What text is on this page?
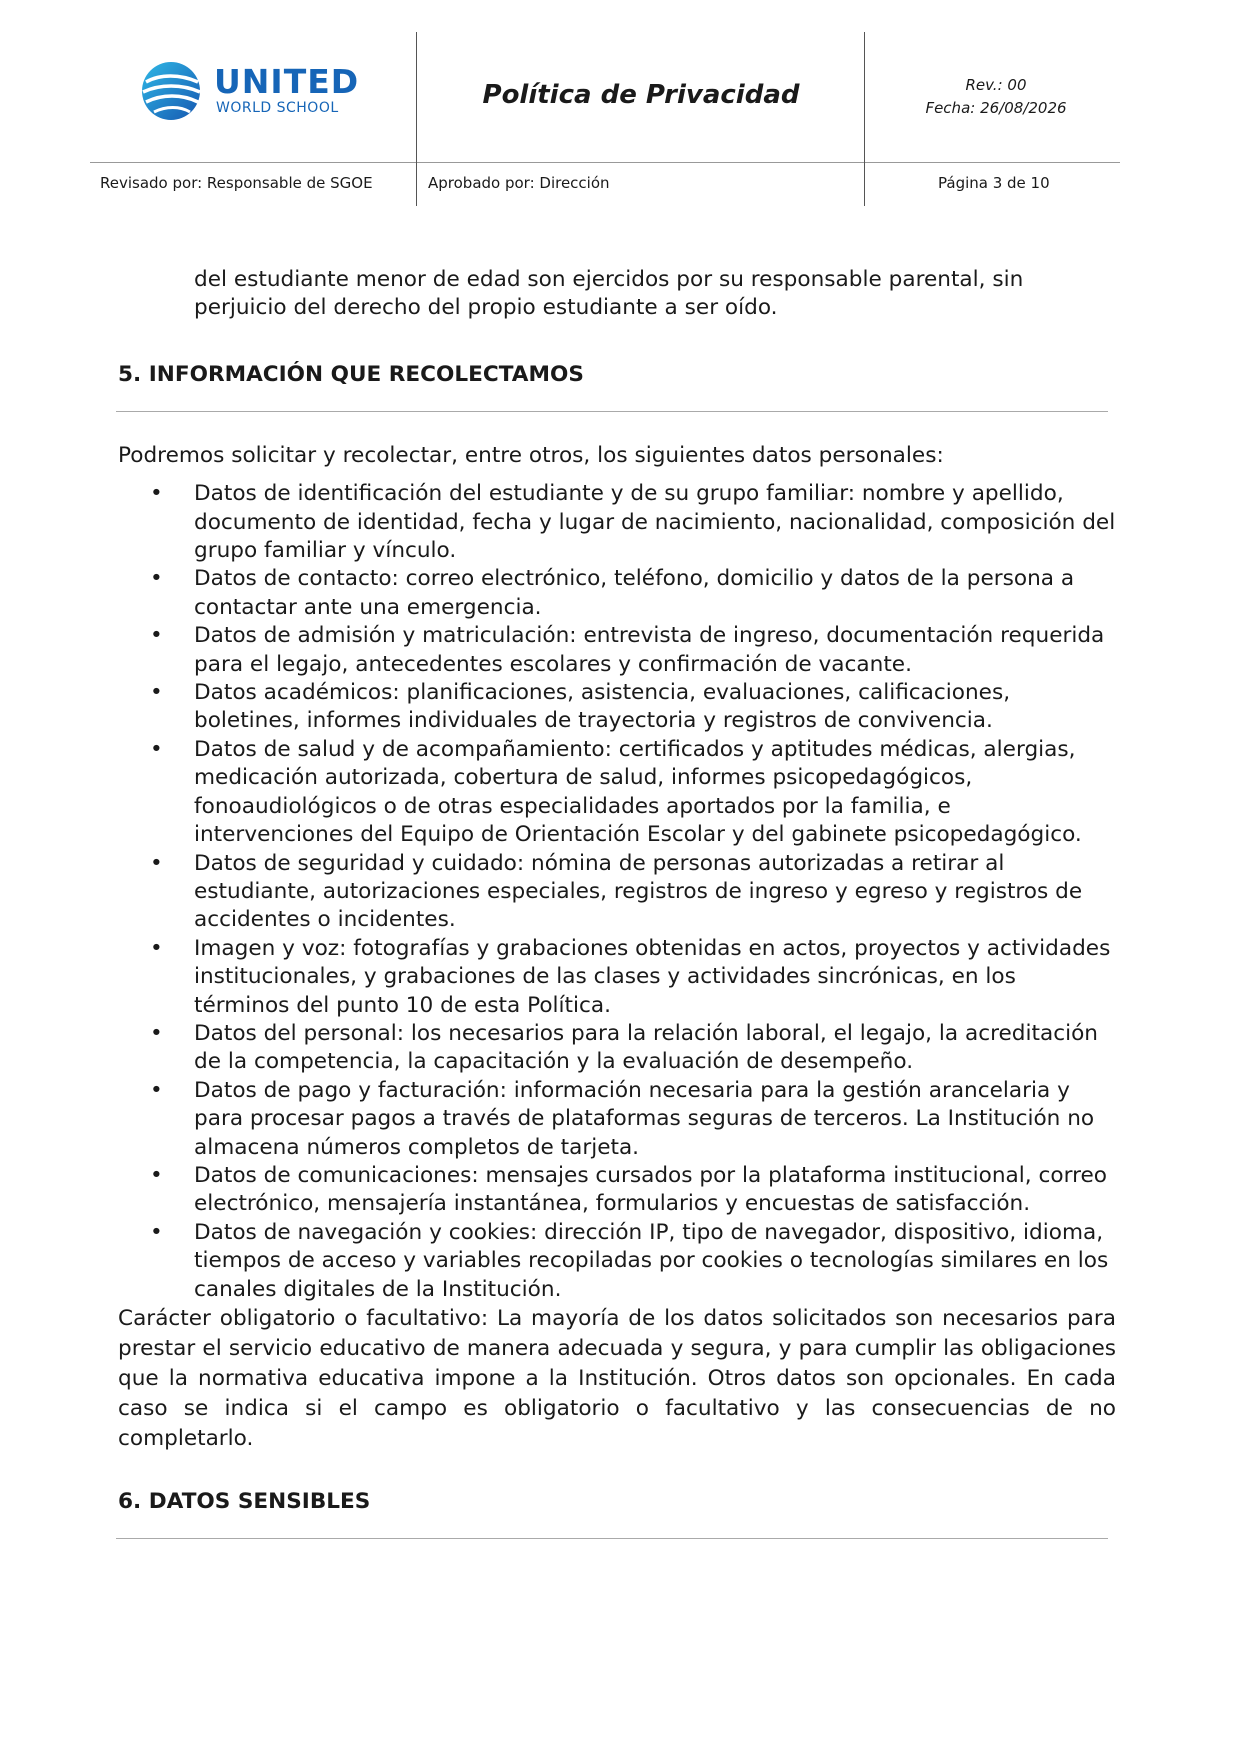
UNITED
WORLD SCHOOL	Política de Privacidad	Rev.: 00
Fecha: 26/08/2026
Revisado por: Responsable de SGOE	Aprobado por: Dirección	Página 3 de 10

del estudiante menor de edad son ejercidos por su responsable parental, sin perjuicio del derecho del propio estudiante a ser oído.

5. INFORMACIÓN QUE RECOLECTAMOS

Podremos solicitar y recolectar, entre otros, los siguientes datos personales:

• Datos de identificación del estudiante y de su grupo familiar: nombre y apellido, documento de identidad, fecha y lugar de nacimiento, nacionalidad, composición del grupo familiar y vínculo.
• Datos de contacto: correo electrónico, teléfono, domicilio y datos de la persona a contactar ante una emergencia.
• Datos de admisión y matriculación: entrevista de ingreso, documentación requerida para el legajo, antecedentes escolares y confirmación de vacante.
• Datos académicos: planificaciones, asistencia, evaluaciones, calificaciones, boletines, informes individuales de trayectoria y registros de convivencia.
• Datos de salud y de acompañamiento: certificados y aptitudes médicas, alergias, medicación autorizada, cobertura de salud, informes psicopedagógicos, fonoaudiológicos o de otras especialidades aportados por la familia, e intervenciones del Equipo de Orientación Escolar y del gabinete psicopedagógico.
• Datos de seguridad y cuidado: nómina de personas autorizadas a retirar al estudiante, autorizaciones especiales, registros de ingreso y egreso y registros de accidentes o incidentes.
• Imagen y voz: fotografías y grabaciones obtenidas en actos, proyectos y actividades institucionales, y grabaciones de las clases y actividades sincrónicas, en los términos del punto 10 de esta Política.
• Datos del personal: los necesarios para la relación laboral, el legajo, la acreditación de la competencia, la capacitación y la evaluación de desempeño.
• Datos de pago y facturación: información necesaria para la gestión arancelaria y para procesar pagos a través de plataformas seguras de terceros. La Institución no almacena números completos de tarjeta.
• Datos de comunicaciones: mensajes cursados por la plataforma institucional, correo electrónico, mensajería instantánea, formularios y encuestas de satisfacción.
• Datos de navegación y cookies: dirección IP, tipo de navegador, dispositivo, idioma, tiempos de acceso y variables recopiladas por cookies o tecnologías similares en los canales digitales de la Institución.

Carácter obligatorio o facultativo: La mayoría de los datos solicitados son necesarios para prestar el servicio educativo de manera adecuada y segura, y para cumplir las obligaciones que la normativa educativa impone a la Institución. Otros datos son opcionales. En cada caso se indica si el campo es obligatorio o facultativo y las consecuencias de no completarlo.

6. DATOS SENSIBLES
